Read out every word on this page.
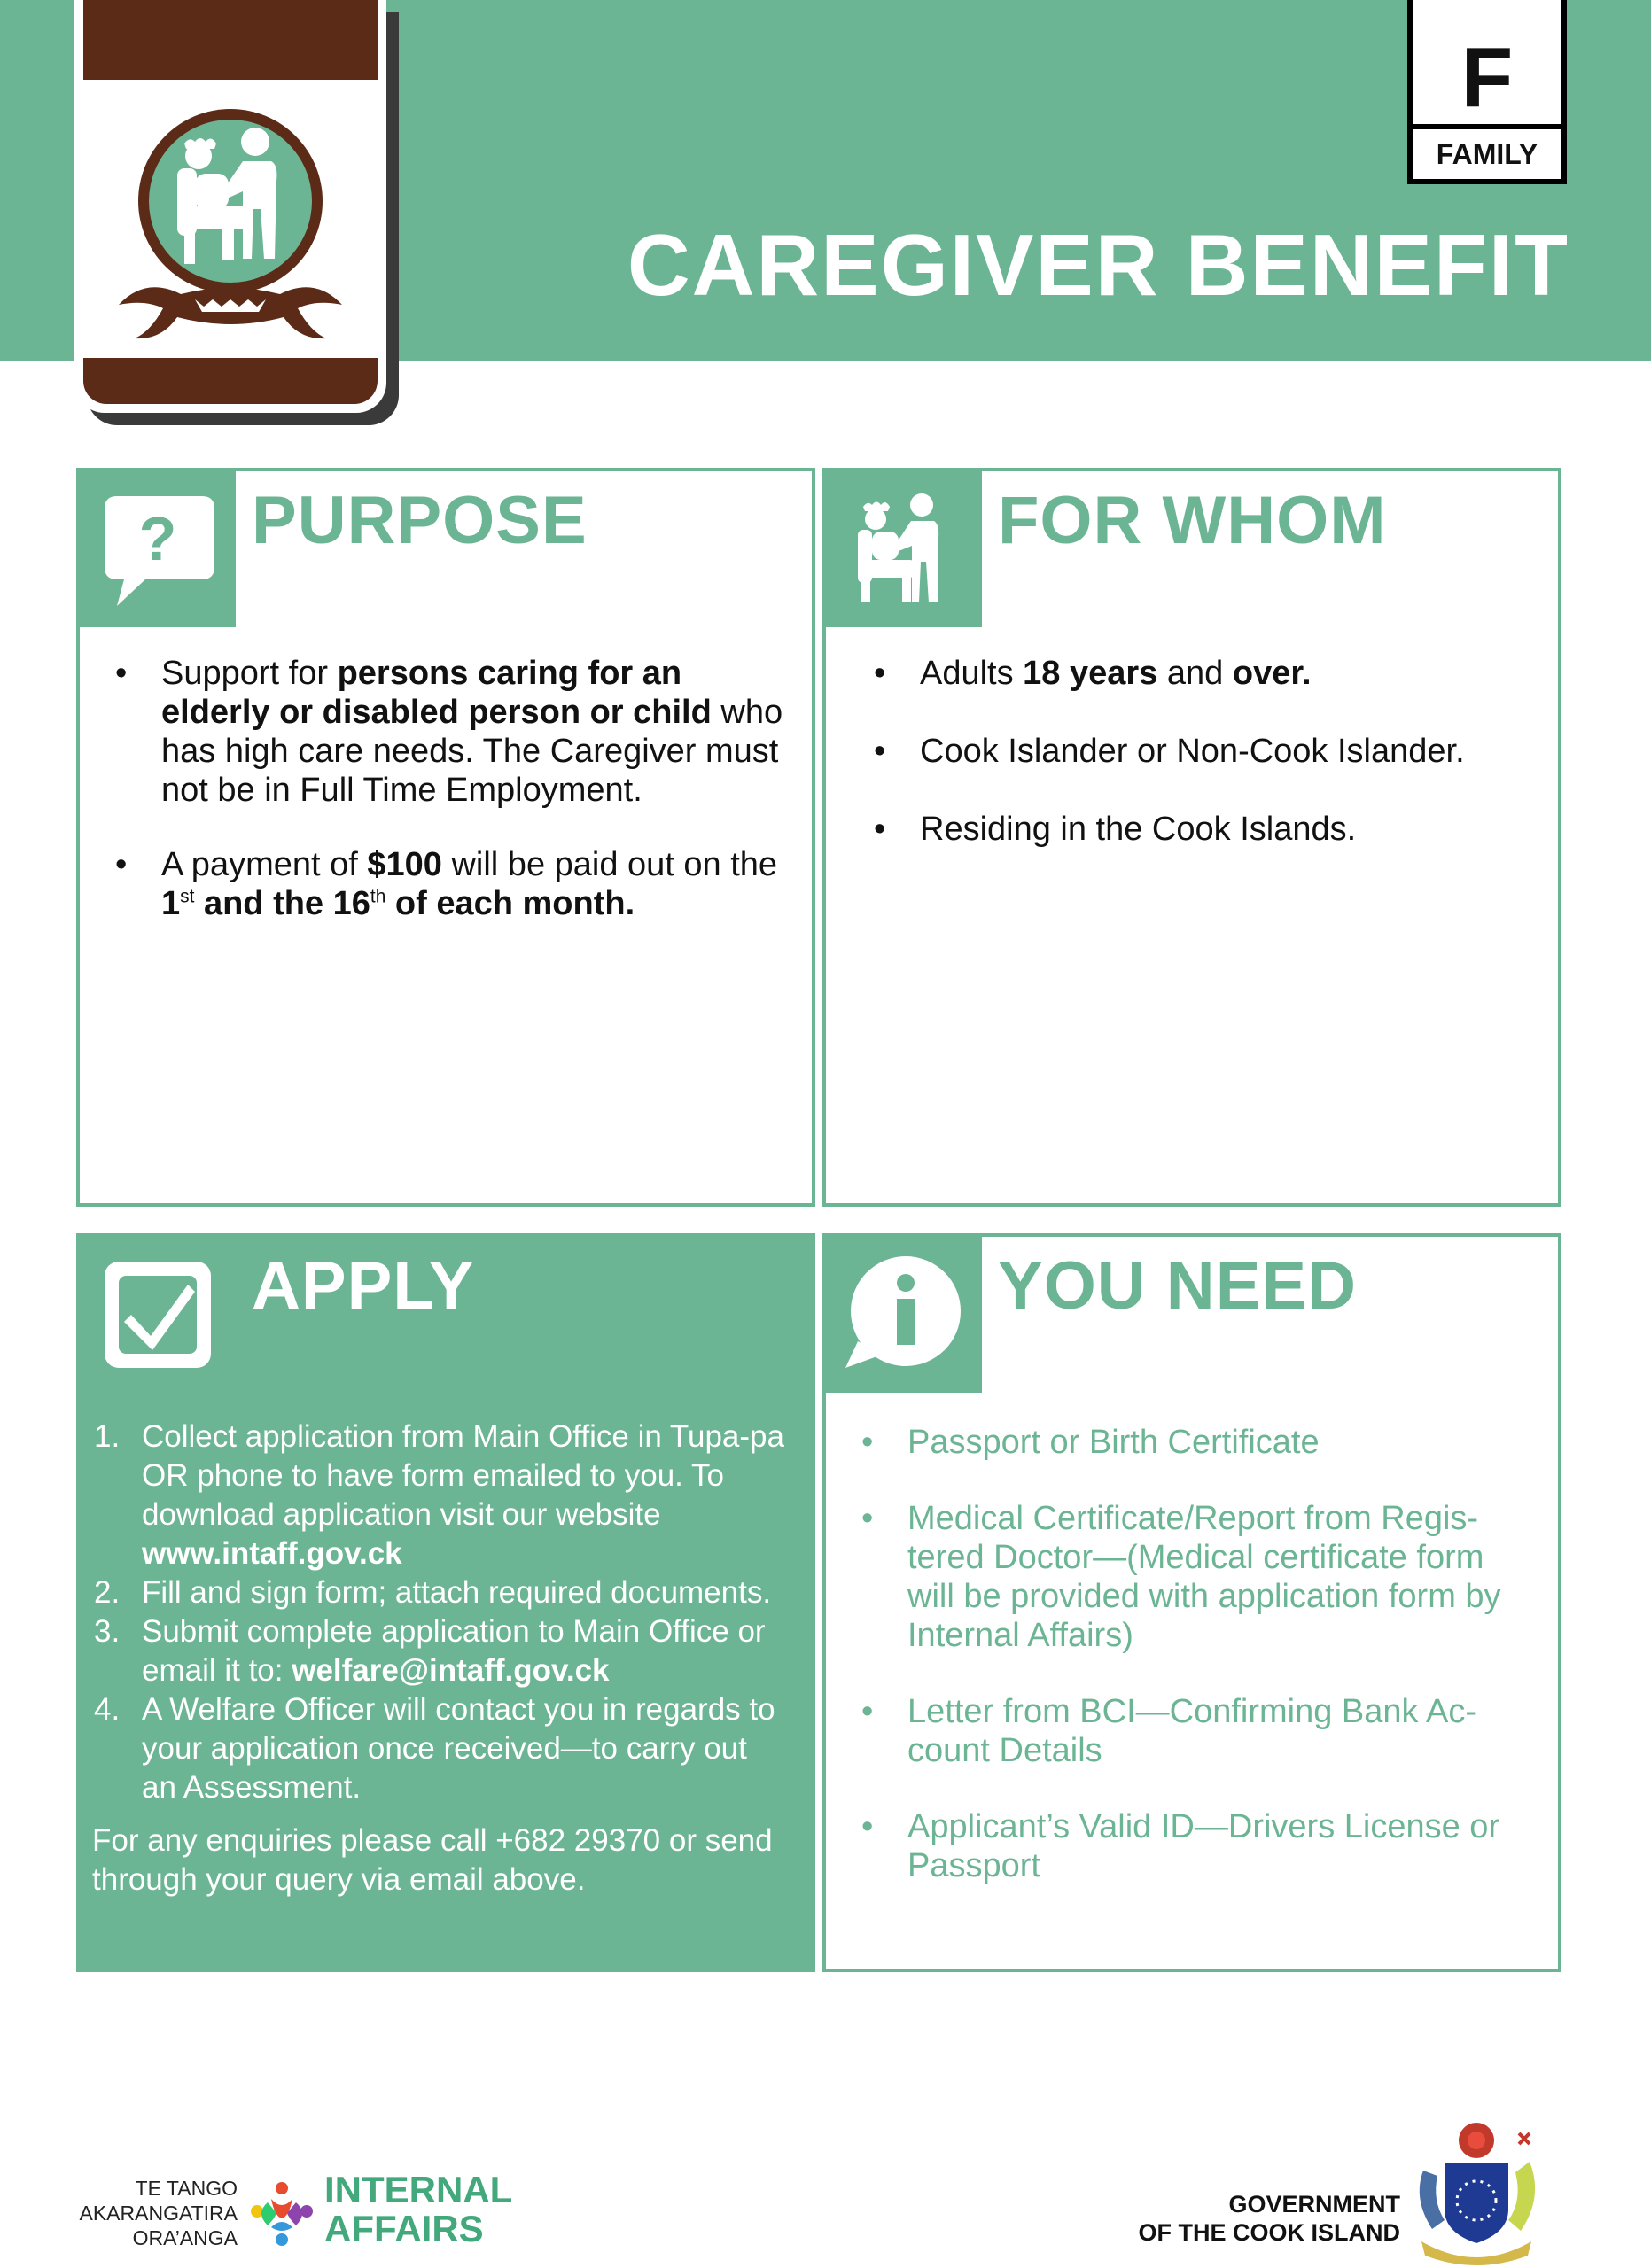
F
FAMILY
CAREGIVER BENEFIT
? PURPOSE
• Support for persons caring for an elderly or disabled person or child who has high care needs. The Caregiver must not be in Full Time Employment.
• A payment of $100 will be paid out on the 1st and the 16th of each month.
FOR WHOM
• Adults 18 years and over.
• Cook Islander or Non-Cook Islander.
• Residing in the Cook Islands.
APPLY
1. Collect application from Main Office in Tupa-pa OR phone to have form emailed to you. To download application visit our website www.intaff.gov.ck
2. Fill and sign form; attach required documents.
3. Submit complete application to Main Office or email it to: welfare@intaff.gov.ck
4. A Welfare Officer will contact you in regards to your application once received—to carry out an Assessment.
For any enquiries please call +682 29370 or send through your query via email above.
YOU NEED
• Passport or Birth Certificate
• Medical Certificate/Report from Regis-tered Doctor—(Medical certificate form will be provided with application form by Internal Affairs)
• Letter from BCI—Confirming Bank Ac-count Details
• Applicant’s Valid ID—Drivers License or Passport
TE TANGO
AKARANGATIRA
ORA’ANGA
INTERNAL
AFFAIRS
GOVERNMENT
OF THE COOK ISLAND
